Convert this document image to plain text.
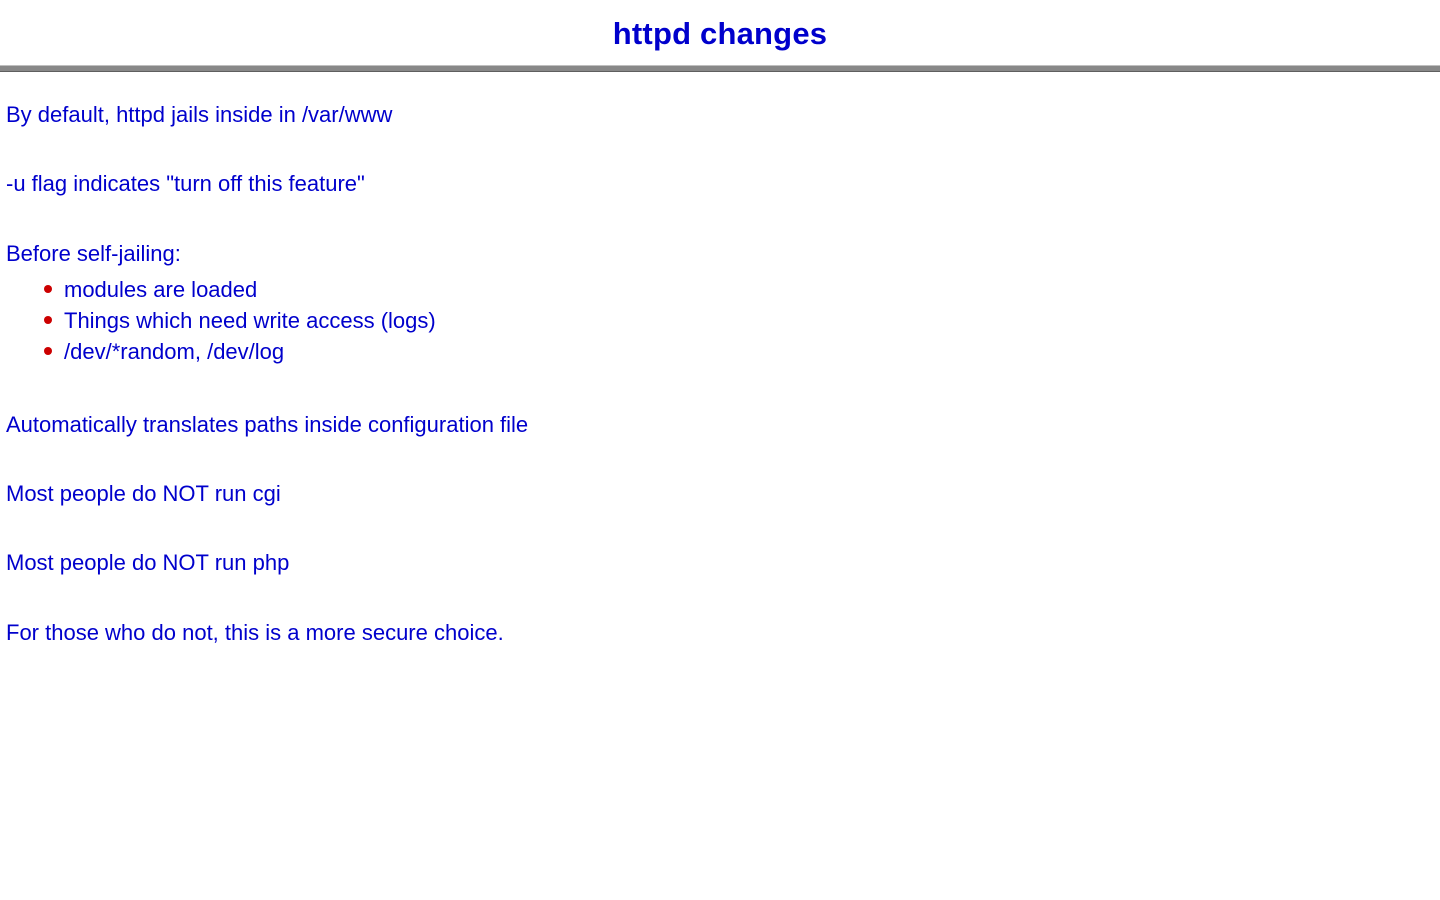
httpd changes

By default, httpd jails inside in /var/www

-u flag indicates "turn off this feature"

Before self-jailing:

modules are loaded
Things which need write access (logs)
/dev/*random, /dev/log

Automatically translates paths inside configuration file

Most people do NOT run cgi

Most people do NOT run php

For those who do not, this is a more secure choice.
